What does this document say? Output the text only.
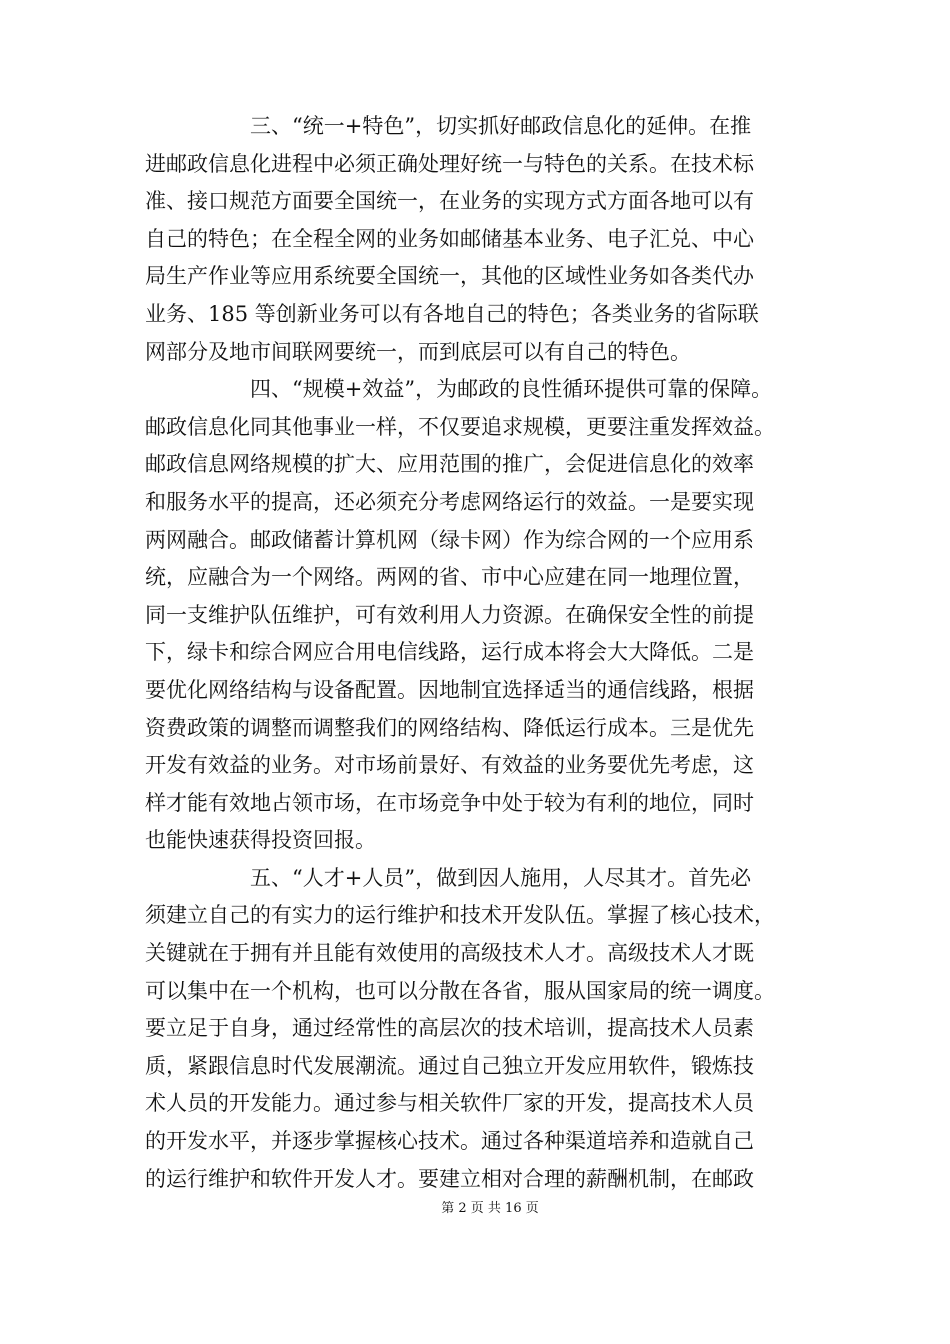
三、“统一+特色”，切实抓好邮政信息化的延伸。在推
进邮政信息化进程中必须正确处理好统一与特色的关系。在技术标
准、接口规范方面要全国统一，在业务的实现方式方面各地可以有
自己的特色；在全程全网的业务如邮储基本业务、电子汇兑、中心
局生产作业等应用系统要全国统一，其他的区域性业务如各类代办
业务、185 等创新业务可以有各地自己的特色；各类业务的省际联
网部分及地市间联网要统一，而到底层可以有自己的特色。
四、“规模+效益”，为邮政的良性循环提供可靠的保障。
邮政信息化同其他事业一样，不仅要追求规模，更要注重发挥效益。
邮政信息网络规模的扩大、应用范围的推广，会促进信息化的效率
和服务水平的提高，还必须充分考虑网络运行的效益。一是要实现
两网融合。邮政储蓄计算机网（绿卡网）作为综合网的一个应用系
统，应融合为一个网络。两网的省、市中心应建在同一地理位置，
同一支维护队伍维护，可有效利用人力资源。在确保安全性的前提
下，绿卡和综合网应合用电信线路，运行成本将会大大降低。二是
要优化网络结构与设备配置。因地制宜选择适当的通信线路，根据
资费政策的调整而调整我们的网络结构、降低运行成本。三是优先
开发有效益的业务。对市场前景好、有效益的业务要优先考虑，这
样才能有效地占领市场，在市场竞争中处于较为有利的地位，同时
也能快速获得投资回报。
五、“人才+人员”，做到因人施用，人尽其才。首先必
须建立自己的有实力的运行维护和技术开发队伍。掌握了核心技术，
关键就在于拥有并且能有效使用的高级技术人才。高级技术人才既
可以集中在一个机构，也可以分散在各省，服从国家局的统一调度。
要立足于自身，通过经常性的高层次的技术培训，提高技术人员素
质，紧跟信息时代发展潮流。通过自己独立开发应用软件，锻炼技
术人员的开发能力。通过参与相关软件厂家的开发，提高技术人员
的开发水平，并逐步掌握核心技术。通过各种渠道培养和造就自己
的运行维护和软件开发人才。要建立相对合理的薪酬机制，在邮政
第 2 页 共 16 页
